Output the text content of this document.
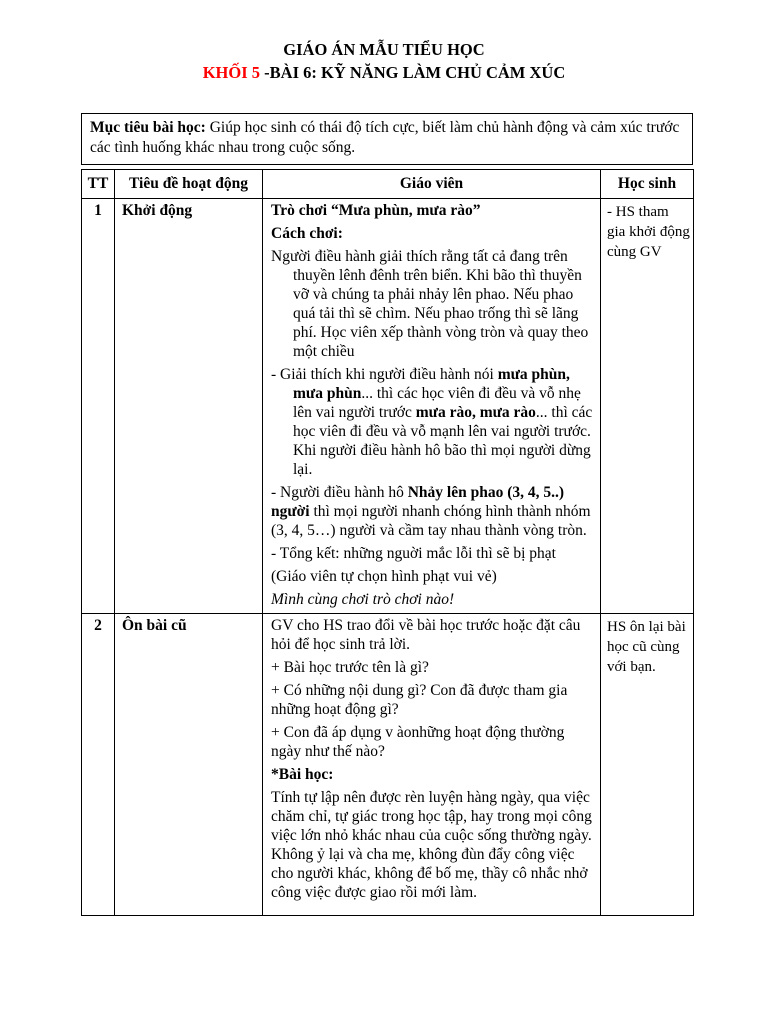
GIÁO ÁN MẪU TIỂU HỌC
KHỐI 5 -BÀI 6: KỸ NĂNG LÀM CHỦ CẢM XÚC
Mục tiêu bài học: Giúp học sinh có thái độ tích cực, biết làm chủ hành động và cảm xúc trước các tình huống khác nhau trong cuộc sống.
TT	Tiêu đề hoạt động	Giáo viên	Học sinh
1	Khởi động	Trò chơi “Mưa phùn, mưa rào”

Cách chơi:

Người điều hành giải thích rằng tất cả đang trên thuyền lênh đênh trên biển. Khi bão thì thuyền vỡ và chúng ta phải nhảy lên phao. Nếu phao quá tải thì sẽ chìm. Nếu phao trống thì sẽ lãng phí. Học viên xếp thành vòng tròn và quay theo một chiều

- Giải thích khi người điều hành nói mưa phùn, mưa phùn... thì các học viên đi đều và vỗ nhẹ lên vai người trước mưa rào, mưa rào... thì các học viên đi đều và vỗ mạnh lên vai người trước. Khi người điều hành hô bão thì mọi người dừng lại.

- Người điều hành hô Nhảy lên phao (3, 4, 5..) người thì mọi người nhanh chóng hình thành nhóm (3, 4, 5…) người và cầm tay nhau thành vòng tròn.

- Tổng kết: những nguời mắc lỗi thì sẽ bị phạt

(Giáo viên tự chọn hình phạt vui vẻ)

Mình cùng chơi trò chơi nào!

	- HS tham gia khởi động cùng GV
2	Ôn bài cũ	GV cho HS trao đổi về bài học trước hoặc đặt câu hỏi để học sinh trả lời.

+ Bài học trước tên là gì?

+ Có những nội dung gì? Con đã được tham gia những hoạt động gì?

+ Con đã áp dụng v àonhững hoạt động thường ngày như thế nào?

*Bài học:

Tính tự lập nên được rèn luyện hàng ngày, qua việc chăm chỉ, tự giác trong học tập, hay trong mọi công việc lớn nhỏ khác nhau của cuộc sống thường ngày. Không ỷ lại và cha mẹ, không đùn đẩy công việc cho người khác, không để bố mẹ, thầy cô nhắc nhở công việc được giao rồi mới làm.

	HS ôn lại bài học cũ cùng với bạn.
